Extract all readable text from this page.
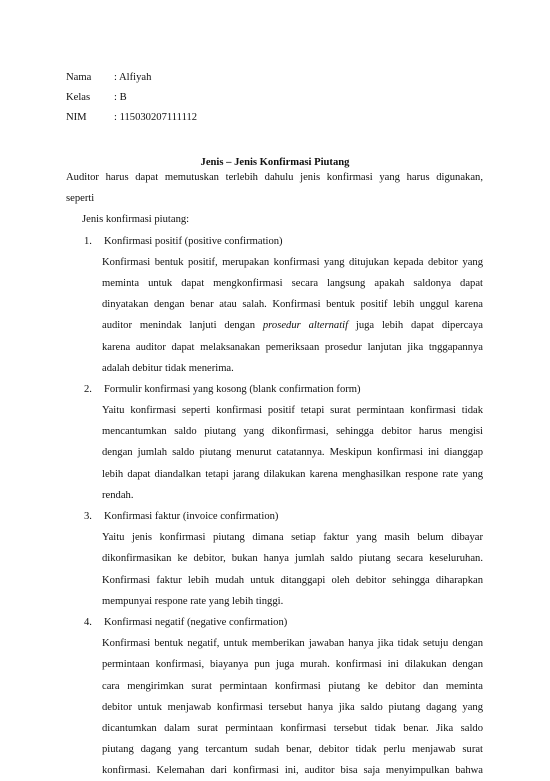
Nama	: Alfiyah
Kelas	: B
NIM	: 115030207111112
Jenis – Jenis Konfirmasi Piutang
Auditor harus dapat memutuskan terlebih dahulu jenis konfirmasi yang harus digunakan,
seperti
Jenis konfirmasi piutang:
1. Konfirmasi positif (positive confirmation)
Konfirmasi bentuk positif, merupakan konfirmasi yang ditujukan kepada debitor yang
meminta untuk dapat mengkonfirmasi secara langsung apakah saldonya dapat
dinyatakan dengan benar atau salah. Konfirmasi bentuk positif lebih unggul karena
auditor menindak lanjuti dengan prosedur alternatif juga lebih dapat dipercaya
karena auditor dapat melaksanakan pemeriksaan prosedur lanjutan jika tnggapannya
adalah debitur tidak menerima.
2. Formulir konfirmasi yang kosong (blank confirmation form)
Yaitu konfirmasi seperti konfirmasi positif tetapi surat permintaan konfirmasi tidak
mencantumkan saldo piutang yang dikonfirmasi, sehingga debitor harus mengisi
dengan jumlah saldo piutang menurut catatannya. Meskipun konfirmasi ini dianggap
lebih dapat diandalkan tetapi jarang dilakukan karena menghasilkan respone rate yang
rendah.
3. Konfirmasi faktur (invoice confirmation)
Yaitu jenis konfirmasi piutang dimana setiap faktur yang masih belum dibayar
dikonfirmasikan ke debitor, bukan hanya jumlah saldo piutang secara keseluruhan.
Konfirmasi faktur lebih mudah untuk ditanggapi oleh debitor sehingga diharapkan
mempunyai respone rate yang lebih tinggi.
4. Konfirmasi negatif (negative confirmation)
Konfirmasi bentuk negatif, untuk memberikan jawaban hanya jika tidak setuju dengan
permintaan konfirmasi, biayanya pun juga murah. konfirmasi ini dilakukan dengan
cara mengirimkan surat permintaan konfirmasi piutang ke debitor dan meminta
debitor untuk menjawab konfirmasi tersebut hanya jika saldo piutang dagang yang
dicantumkan dalam surat permintaan konfirmasi tersebut tidak benar. Jika saldo
piutang dagang yang tercantum sudah benar, debitor tidak perlu menjawab surat
konfirmasi. Kelemahan dari konfirmasi ini, auditor bisa saja menyimpulkan bahwa
